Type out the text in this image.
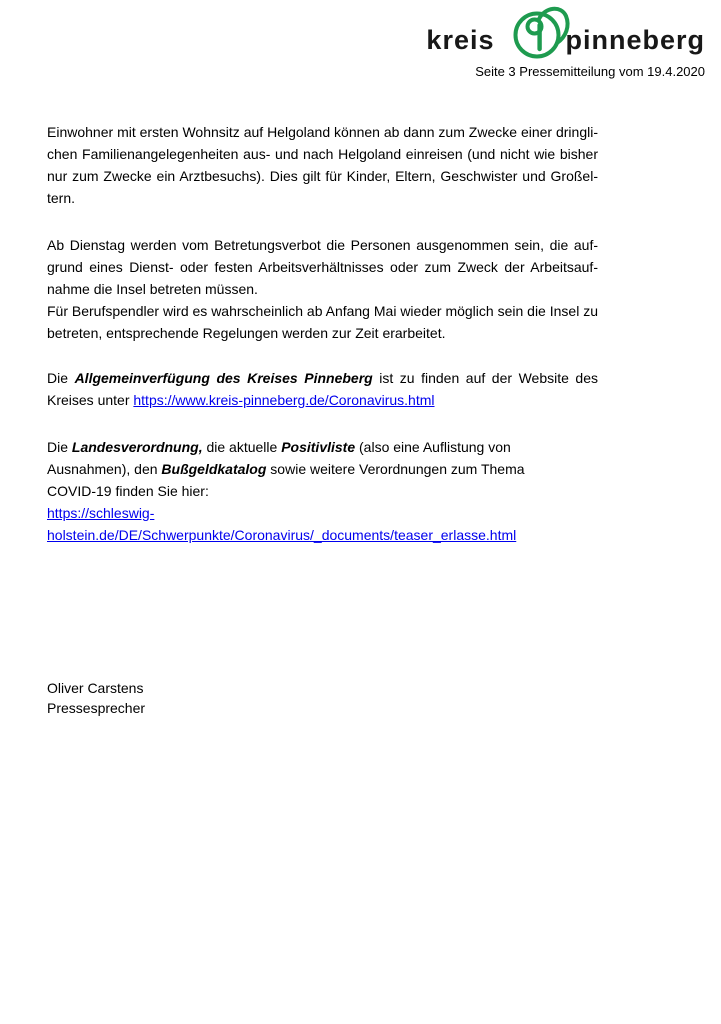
kreis	pinneberg
Seite 3 Pressemitteilung vom 19.4.2020
Einwohner mit ersten Wohnsitz auf Helgoland können ab dann zum Zwecke einer dringli-
chen Familienangelegenheiten aus- und nach Helgoland einreisen (und nicht wie bisher
nur zum Zwecke ein Arztbesuchs). Dies gilt für Kinder, Eltern, Geschwister und Großel-
tern.
Ab Dienstag werden vom Betretungsverbot die Personen ausgenommen sein, die auf-
grund eines Dienst- oder festen Arbeitsverhältnisses oder zum Zweck der Arbeitsauf-
nahme die Insel betreten müssen.
Für Berufspendler wird es wahrscheinlich ab Anfang Mai wieder möglich sein die Insel zu
betreten, entsprechende Regelungen werden zur Zeit erarbeitet.
Die Allgemeinverfügung des Kreises Pinneberg ist zu finden auf der Website des
Kreises unter https://www.kreis-pinneberg.de/Coronavirus.html
Die Landesverordnung, die aktuelle Positivliste (also eine Auflistung von
Ausnahmen), den Bußgeldkatalog sowie weitere Verordnungen zum Thema
COVID-19 finden Sie hier:
https://schleswig-
holstein.de/DE/Schwerpunkte/Coronavirus/_documents/teaser_erlasse.html
Oliver Carstens
Pressesprecher
